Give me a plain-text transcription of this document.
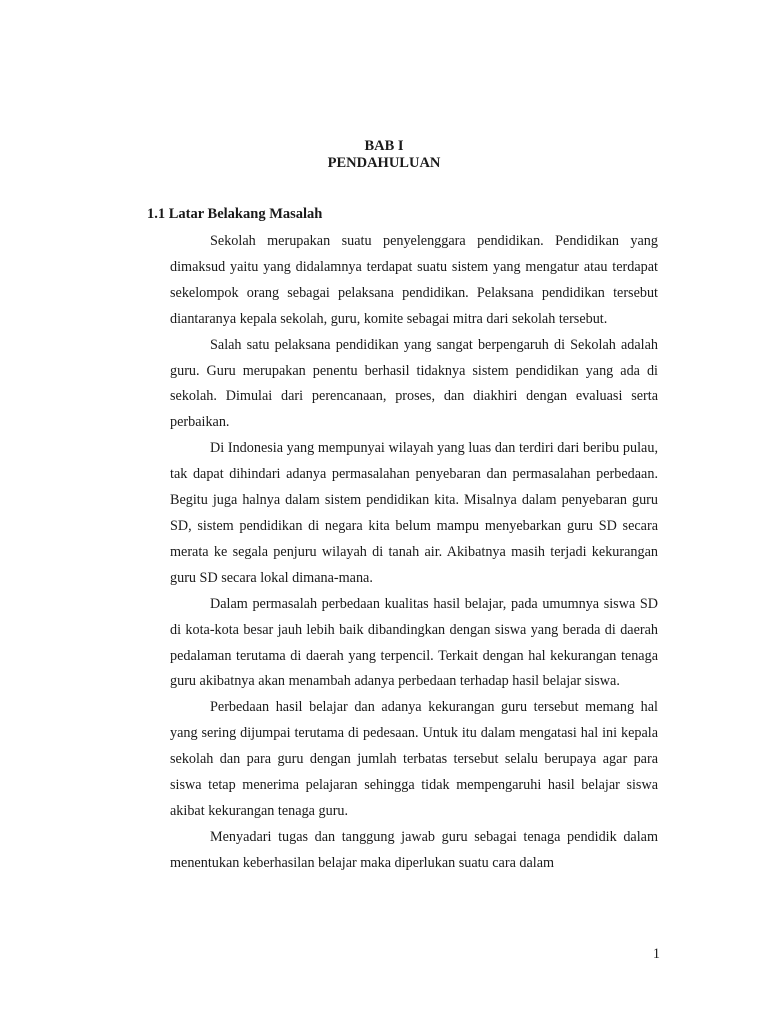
BAB I
PENDAHULUAN
1.1 Latar Belakang Masalah

Sekolah merupakan suatu penyelenggara pendidikan. Pendidikan yang dimaksud yaitu yang didalamnya terdapat suatu sistem yang mengatur atau terdapat sekelompok orang sebagai pelaksana pendidikan. Pelaksana pendidikan tersebut diantaranya kepala sekolah, guru, komite sebagai mitra dari sekolah tersebut.

Salah satu pelaksana pendidikan yang sangat berpengaruh di Sekolah adalah guru. Guru merupakan penentu berhasil tidaknya sistem pendidikan yang ada di sekolah. Dimulai dari perencanaan, proses, dan diakhiri dengan evaluasi serta perbaikan.

Di Indonesia yang mempunyai wilayah yang luas dan terdiri dari beribu pulau, tak dapat dihindari adanya permasalahan penyebaran dan permasalahan perbedaan. Begitu juga halnya dalam sistem pendidikan kita. Misalnya dalam penyebaran guru SD, sistem pendidikan di negara kita belum mampu menyebarkan guru SD secara merata ke segala penjuru wilayah di tanah air. Akibatnya masih terjadi kekurangan guru SD secara lokal dimana-mana.

Dalam permasalah perbedaan kualitas hasil belajar, pada umumnya siswa SD di kota-kota besar jauh lebih baik dibandingkan dengan siswa yang berada di daerah pedalaman terutama di daerah yang terpencil. Terkait dengan hal kekurangan tenaga guru akibatnya akan menambah adanya perbedaan terhadap hasil belajar siswa.

Perbedaan hasil belajar dan adanya kekurangan guru tersebut memang hal yang sering dijumpai terutama di pedesaan. Untuk itu dalam mengatasi hal ini kepala sekolah dan para guru dengan jumlah terbatas tersebut selalu berupaya agar para siswa tetap menerima pelajaran sehingga tidak mempengaruhi hasil belajar siswa akibat kekurangan tenaga guru.

Menyadari tugas dan tanggung jawab guru sebagai tenaga pendidik dalam menentukan keberhasilan belajar maka diperlukan suatu cara dalam

1
